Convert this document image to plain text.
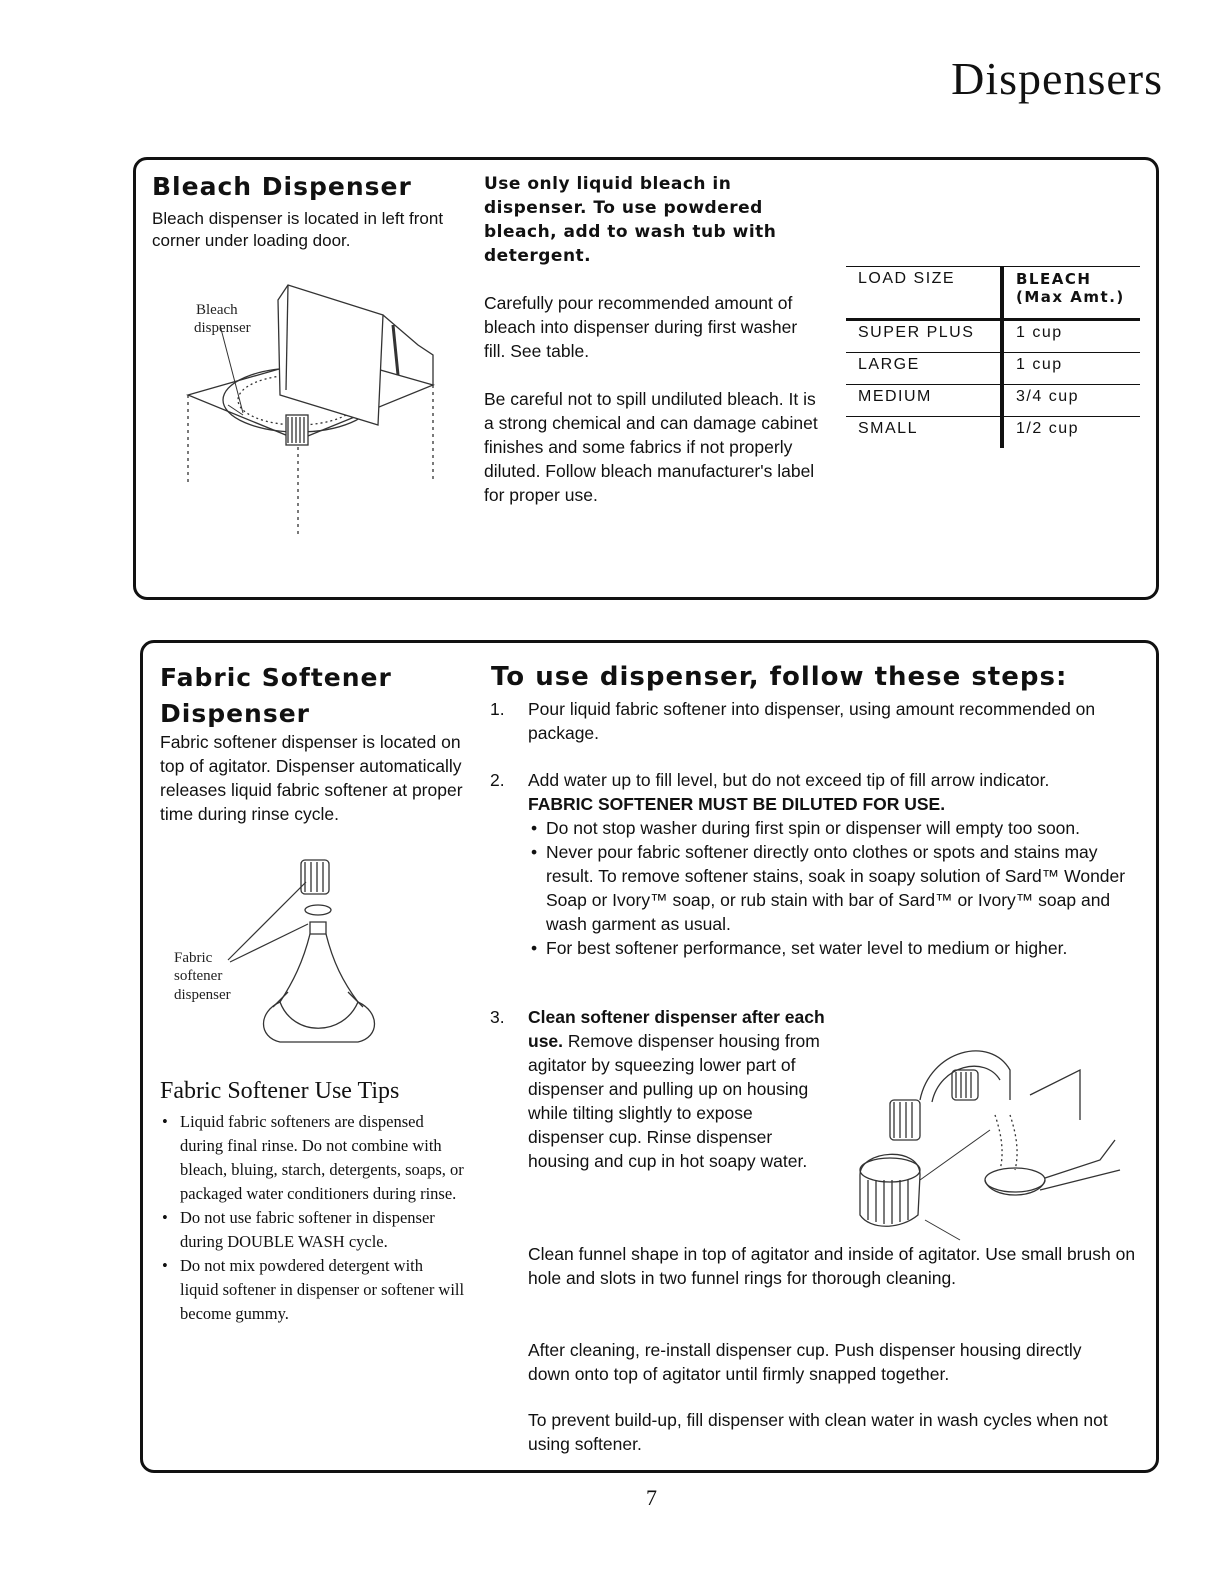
Dispensers
Bleach Dispenser
Bleach dispenser is located in left front corner under loading door.
Bleach
dispenser
Use only liquid bleach in dispenser. To use powdered bleach, add to wash tub with detergent.
Carefully pour recommended amount of bleach into dispenser during first washer fill. See table.
Be careful not to spill undiluted bleach. It is a strong chemical and can damage cabinet finishes and some fabrics if not properly diluted. Follow bleach manufacturer's label for proper use.
LOAD SIZE	BLEACH
(Max Amt.)

SUPER PLUS	1 cup
LARGE	1 cup
MEDIUM	3/4 cup
SMALL	1/2 cup
Fabric Softener
Dispenser
Fabric softener dispenser is located on top of agitator. Dispenser automatically releases liquid fabric softener at proper time during rinse cycle.
Fabric
softener
dispenser
Fabric Softener Use Tips
• Liquid fabric softeners are dispensed during final rinse. Do not combine with bleach, bluing, starch, detergents, soaps, or packaged water conditioners during rinse.
• Do not use fabric softener in dispenser during DOUBLE WASH cycle.
• Do not mix powdered detergent with liquid softener in dispenser or softener will become gummy.
To use dispenser, follow these steps:
1. Pour liquid fabric softener into dispenser, using amount recommended on package.
2. Add water up to fill level, but do not exceed tip of fill arrow indicator.
FABRIC SOFTENER MUST BE DILUTED FOR USE.
• Do not stop washer during first spin or dispenser will empty too soon.
• Never pour fabric softener directly onto clothes or spots and stains may result. To remove softener stains, soak in soapy solution of Sard™ Wonder Soap or Ivory™ soap, or rub stain with bar of Sard™ or Ivory™ soap and wash garment as usual.
• For best softener performance, set water level to medium or higher.
3. Clean softener dispenser after each use. Remove dispenser housing from agitator by squeezing lower part of dispenser and pulling up on housing while tilting slightly to expose dispenser cup. Rinse dispenser housing and cup in hot soapy water.
Clean funnel shape in top of agitator and inside of agitator. Use small brush on hole and slots in two funnel rings for thorough cleaning.
After cleaning, re-install dispenser cup. Push dispenser housing directly down onto top of agitator until firmly snapped together.
To prevent build-up, fill dispenser with clean water in wash cycles when not using softener.
7
